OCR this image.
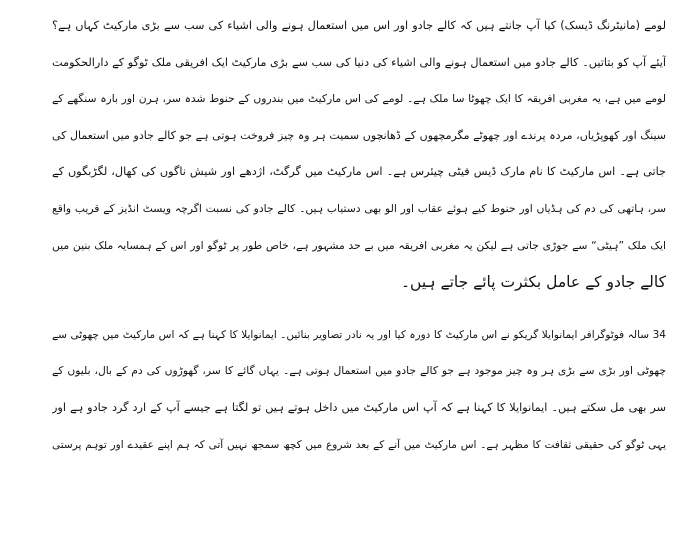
لومے (مانیٹرنگ ڈیسک) کیا آپ جانتے ہیں کہ کالے جادو اور اس میں استعمال ہونے والی اشیاء کی سب سے بڑی مارکیٹ کہاں ہے؟
آیئے آپ کو بتاتیں۔ کالے جادو میں استعمال ہونے والی اشیاء کی دنیا کی سب سے بڑی مارکیٹ ایک افریقی ملک ٹوگو کے دارالحکومت
لومے میں ہے، یہ مغربی افریقہ کا ایک چھوٹا سا ملک ہے۔ لومے کی اس مارکیٹ میں بندروں کے حنوط شدہ سر، ہرن اور بارہ سنگھے کے
سینگ اور کھوپڑیاں، مردہ پرندے اور چھوٹے مگرمچھوں کے ڈھانچوں سمیت ہر وہ چیز فروخت ہوتی ہے جو کالے جادو میں استعمال کی
جاتی ہے۔ اس مارکیٹ کا نام مارک ڈیس فیٹی چیئرس ہے۔ اس مارکیٹ میں گرگٹ، اژدھے اور شیش ناگوں کی کھال، لگڑبگوں کے
سر، ہاتھی کی دم کی ہڈیاں اور حنوط کیے ہوئے عقاب اور الو بھی دستیاب ہیں۔ کالے جادو کی نسبت اگرچہ ویسٹ انڈیز کے قریب واقع
ایک ملک ”ہیٹی“ سے جوڑی جاتی ہے لیکن یہ مغربی افریقہ میں بے حد مشہور ہے، خاص طور پر ٹوگو اور اس کے ہمسایہ ملک بنین میں
کالے جادو کے عامل بکثرت پائے جاتے ہیں۔
34 سالہ فوٹوگرافر ایمانوایلا گریکو نے اس مارکیٹ کا دورہ کیا اور یہ نادر تصاویر بنائیں۔ ایمانوایلا کا کہنا ہے کہ اس مارکیٹ میں چھوٹی سے
چھوٹی اور بڑی سے بڑی ہر وہ چیز موجود ہے جو کالے جادو میں استعمال ہوتی ہے۔ یہاں گائے کا سر، گھوڑوں کی دم کے بال، بلیوں کے
سر بھی مل سکتے ہیں۔ ایمانوایلا کا کہنا ہے کہ آپ اس مارکیٹ میں داخل ہوتے ہیں تو لگتا ہے جیسے آپ کے ارد گرد جادو ہے اور
یہی ٹوگو کی حقیقی ثقافت کا مظہر ہے۔ اس مارکیٹ میں آنے کے بعد شروع میں کچھ سمجھ نہیں آتی کہ ہم اپنے عقیدے اور توہم پرستی
